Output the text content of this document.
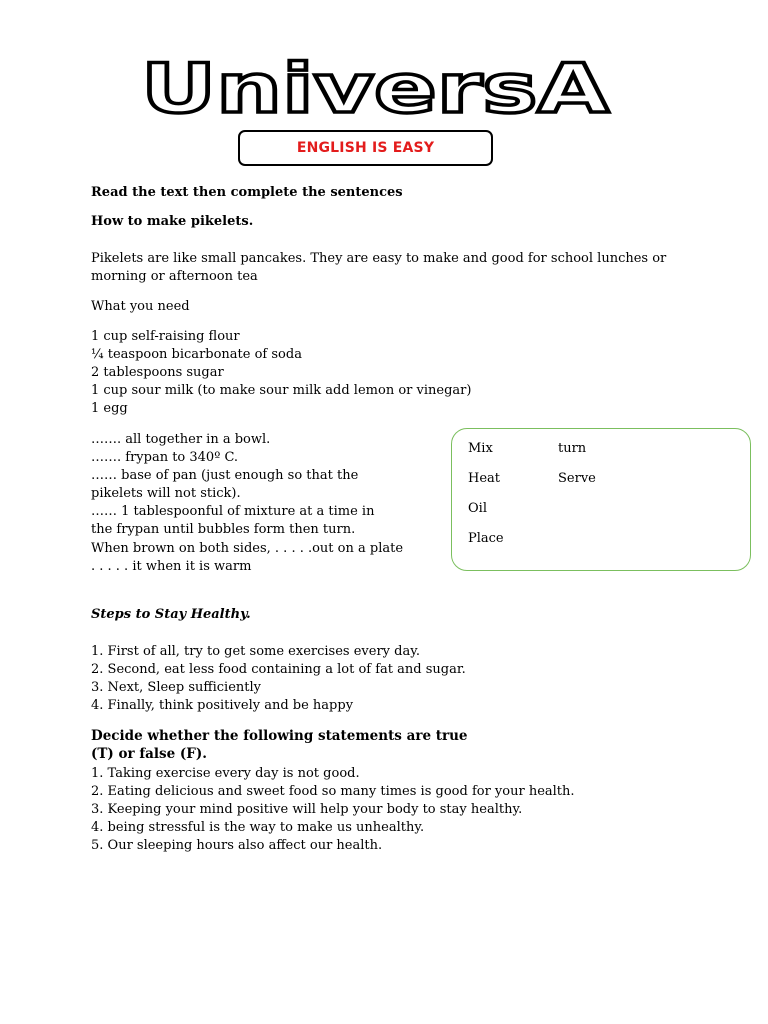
UniversA
ENGLISH IS EASY
Read the text then complete the sentences
How to make pikelets.
Pikelets are like small pancakes. They are easy to make and good for school lunches or
morning or afternoon tea
What you need
1 cup self-raising flour
¼ teaspoon bicarbonate of soda
2 tablespoons sugar
1 cup sour milk (to make sour milk add lemon or vinegar)
1 egg
……. all together in a bowl.
……. frypan to 340º C.
…… base of pan (just enough so that the
pikelets will not stick).
…… 1 tablespoonful of mixture at a time in
the frypan until bubbles form then turn.
When brown on both sides, . . . . .out on a plate
. . . . . it when it is warm
Mix
Heat
Oil
Place
turn
Serve
Steps to Stay Healthy.
1. First of all, try to get some exercises every day.
2. Second, eat less food containing a lot of fat and sugar.
3. Next, Sleep sufficiently
4. Finally, think positively and be happy
Decide whether the following statements are true
(T) or false (F).
1. Taking exercise every day is not good.
2. Eating delicious and sweet food so many times is good for your health.
3. Keeping your mind positive will help your body to stay healthy.
4. being stressful is the way to make us unhealthy.
5. Our sleeping hours also affect our health.
